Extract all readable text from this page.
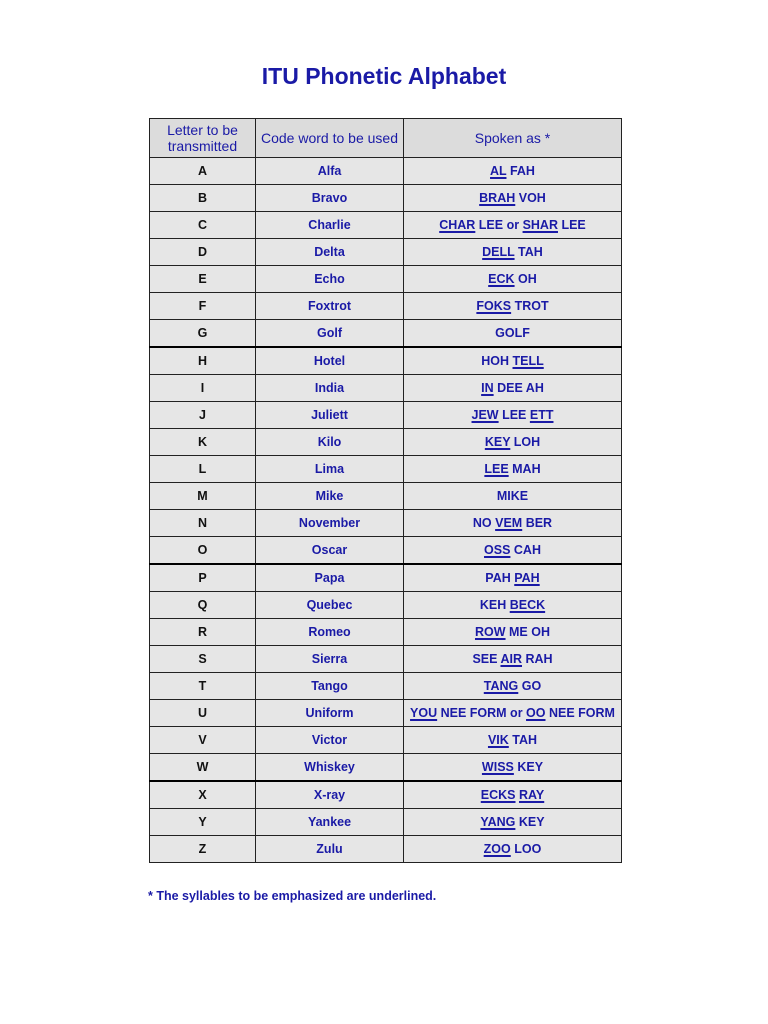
ITU Phonetic Alphabet
Letter to be transmitted	Code word to be used	Spoken as *
A	Alfa	AL FAH
B	Bravo	BRAH VOH
C	Charlie	CHAR LEE or SHAR LEE
D	Delta	DELL TAH
E	Echo	ECK OH
F	Foxtrot	FOKS TROT
G	Golf	GOLF
H	Hotel	HOH TELL
I	India	IN DEE AH
J	Juliett	JEW LEE ETT
K	Kilo	KEY LOH
L	Lima	LEE MAH
M	Mike	MIKE
N	November	NO VEM BER
O	Oscar	OSS CAH
P	Papa	PAH PAH
Q	Quebec	KEH BECK
R	Romeo	ROW ME OH
S	Sierra	SEE AIR RAH
T	Tango	TANG GO
U	Uniform	YOU NEE FORM or OO NEE FORM
V	Victor	VIK TAH
W	Whiskey	WISS KEY
X	X-ray	ECKS RAY
Y	Yankee	YANG KEY
Z	Zulu	ZOO LOO
* The syllables to be emphasized are underlined.
